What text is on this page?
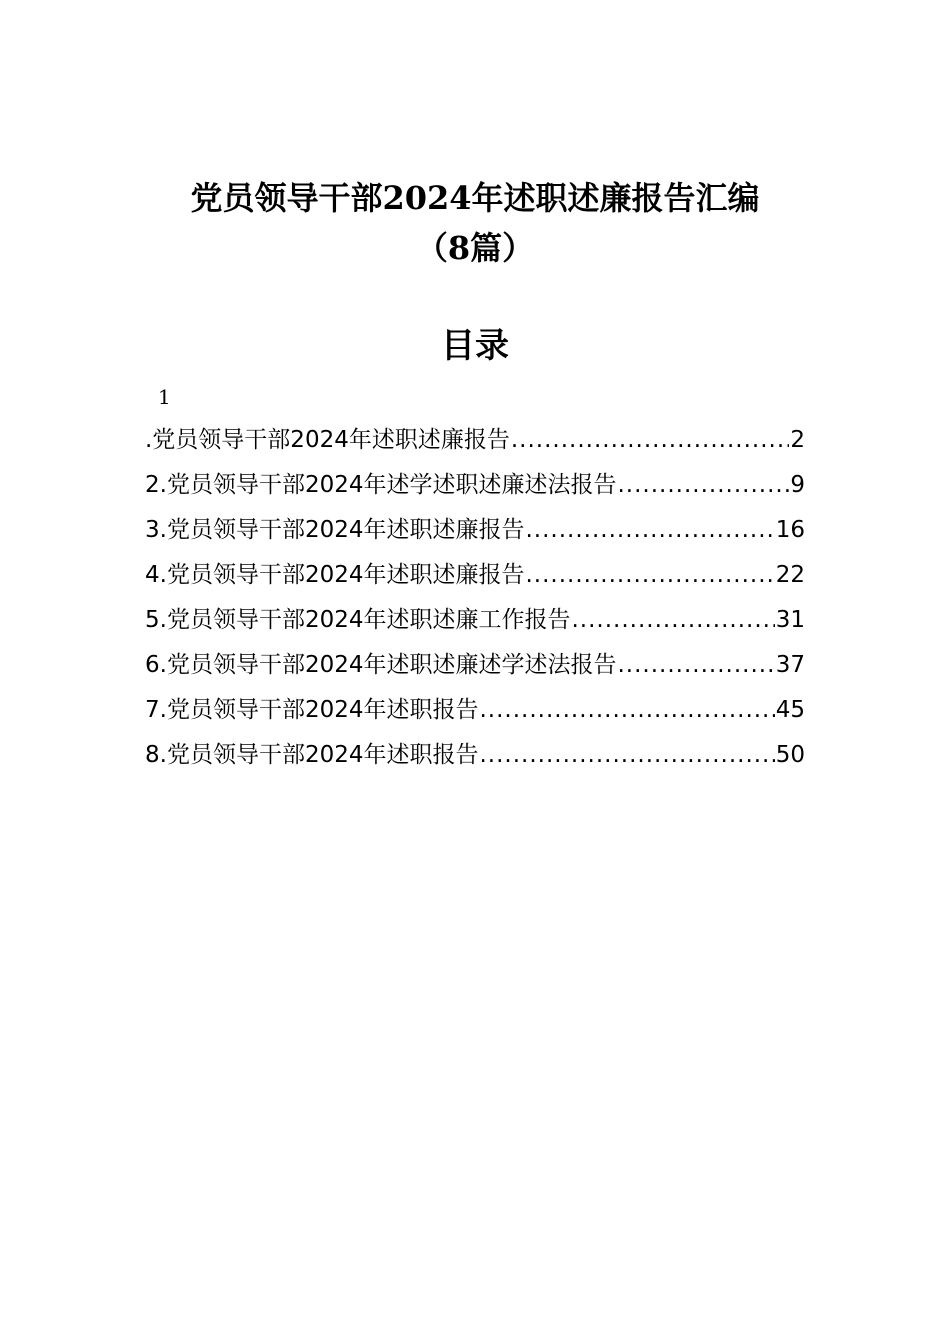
党员领导干部2024年述职述廉报告汇编
（8篇）
目录
1
.党员领导干部2024年述职述廉报告 .....	2
2.党员领导干部2024年述学述职述廉述法报告 .....	9
3.党员领导干部2024年述职述廉报告 .....	16
4.党员领导干部2024年述职述廉报告 .....	22
5.党员领导干部2024年述职述廉工作报告 .....	31
6.党员领导干部2024年述职述廉述学述法报告 .....	37
7.党员领导干部2024年述职报告 .....	45
8.党员领导干部2024年述职报告 .....	50
